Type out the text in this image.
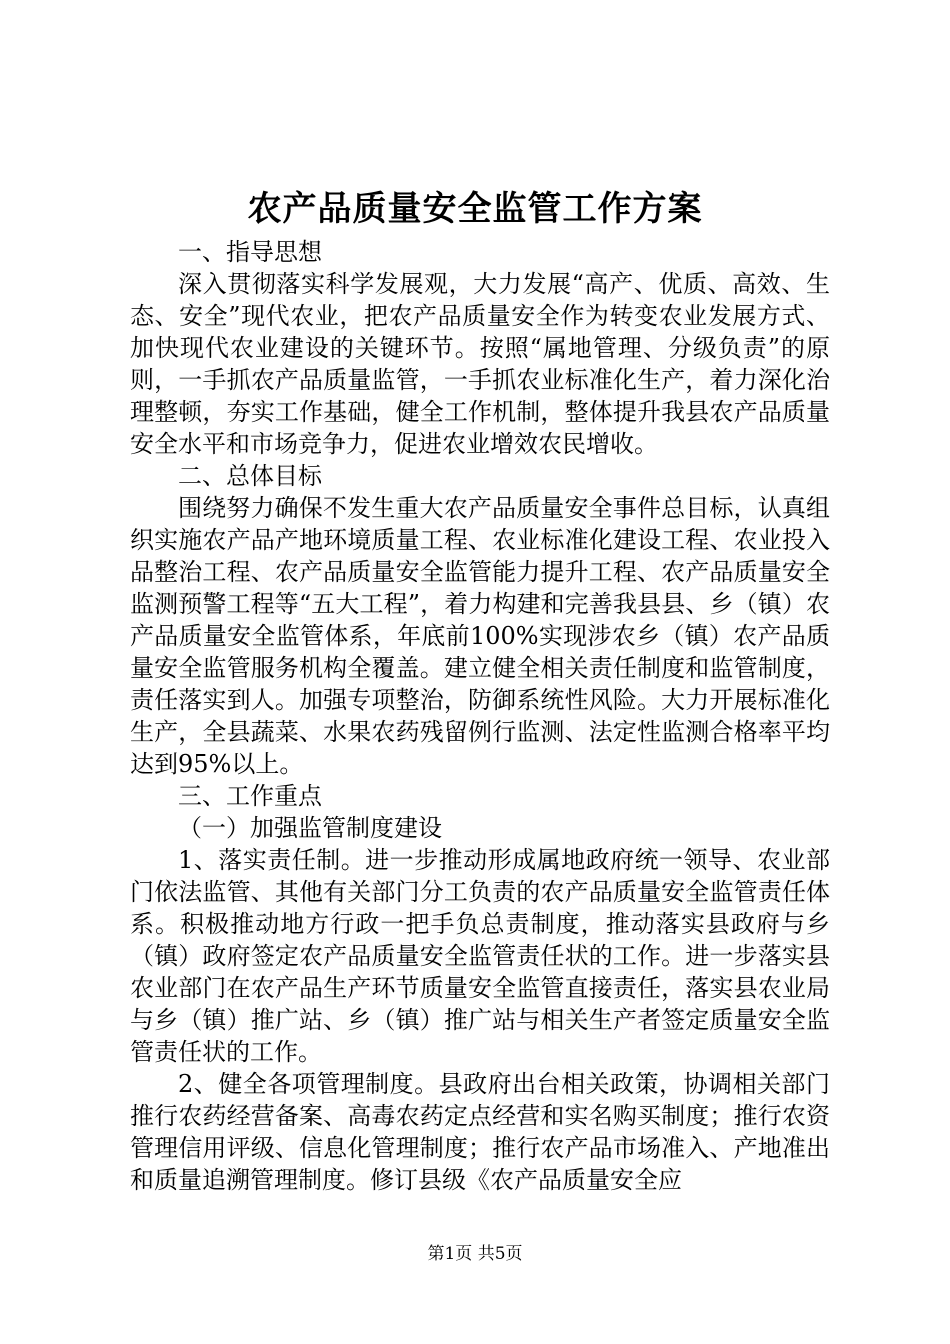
农产品质量安全监管工作方案

一、指导思想

深入贯彻落实科学发展观，大力发展“高产、优质、高效、生态、安全”现代农业，把农产品质量安全作为转变农业发展方式、加快现代农业建设的关键环节。按照“属地管理、分级负责”的原则，一手抓农产品质量监管，一手抓农业标准化生产，着力深化治理整顿，夯实工作基础，健全工作机制，整体提升我县农产品质量安全水平和市场竞争力，促进农业增效农民增收。

二、总体目标

围绕努力确保不发生重大农产品质量安全事件总目标，认真组织实施农产品产地环境质量工程、农业标准化建设工程、农业投入品整治工程、农产品质量安全监管能力提升工程、农产品质量安全监测预警工程等“五大工程”，着力构建和完善我县县、乡（镇）农产品质量安全监管体系，年底前100%实现涉农乡（镇）农产品质量安全监管服务机构全覆盖。建立健全相关责任制度和监管制度，责任落实到人。加强专项整治，防御系统性风险。大力开展标准化生产，全县蔬菜、水果农药残留例行监测、法定性监测合格率平均达到95%以上。

三、工作重点

（一）加强监管制度建设

1、落实责任制。进一步推动形成属地政府统一领导、农业部门依法监管、其他有关部门分工负责的农产品质量安全监管责任体系。积极推动地方行政一把手负总责制度，推动落实县政府与乡（镇）政府签定农产品质量安全监管责任状的工作。进一步落实县农业部门在农产品生产环节质量安全监管直接责任，落实县农业局与乡（镇）推广站、乡（镇）推广站与相关生产者签定质量安全监管责任状的工作。

2、健全各项管理制度。县政府出台相关政策，协调相关部门推行农药经营备案、高毒农药定点经营和实名购买制度；推行农资管理信用评级、信息化管理制度；推行农产品市场准入、产地准出和质量追溯管理制度。修订县级《农产品质量安全应

第1页 共5页
